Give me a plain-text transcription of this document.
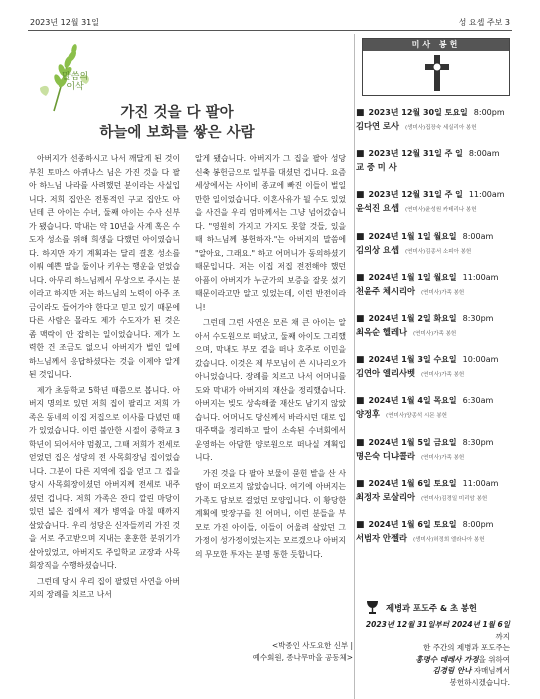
2023년 12월 31일	성 요셉 주보 3
말씀의
이삭
가진 것을 다 팔아
하늘에 보화를 쌓은 사람

아버지가 선종하시고 나서 깨달게 된 것이 부친 토마스 아퀴나스 님은 가진 것을 다 팔아 하느님 나라를 사려했던 분이라는 사실입니다. 저희 집안은 전통적인 구교 집안도 아닌데 큰 아이는 수녀, 둘째 아이는 수사 신부가 됐습니다. 막내는 약 10년을 사계 혹은 수도자 성소를 위해 희생을 다했던 아이였습니다. 하지만 자기 계획과는 달리 결혼 성소를 이뤄 예쁜 딸을 둘이나 키우는 행운을 얻었습니다. 아무리 하느님께서 무상으로 주시는 분이라고 하지만 저는 하느님의 노력이 아주 조금이라도 들어가야 한다고 믿고 있기 때문에 다른 사람은 몰라도 제가 수도자가 된 것은 좀 맥락이 안 잡히는 일이었습니다. 제가 노력한 건 조금도 없으니 아버지가 벌인 일에 하느님께서 응답하셨다는 것을 이제야 알게 된 것입니다.

제가 초등학교 5학년 때쯤으로 봅니다. 아버지 명의로 있던 저희 집이 팔리고 저희 가족은 동네의 이집 저집으로 이사를 다녔던 때가 있었습니다. 이런 불안한 시절이 중학교 3학년이 되어서야 멈췄고, 그때 저희가 전세로 얻었던 집은 성당의 전 사목회장님 집이었습니다. 그분이 다른 지역에 집을 얻고 그 집을 당시 사목회장이셨던 아버지께 전세로 내주셨던 겁니다. 저희 가족은 잔디 깔린 마당이 있던 넓은 집에서 제가 병역을 마칠 때까지 살았습니다. 우리 성당은 신자들끼리 가진 것을 서로 주고받으며 지내는 훈훈한 분위기가 살아있었고, 아버지도 주일학교 교장과 사목회장직을 수행하셨습니다.

그런데 당시 우리 집이 팔렸던 사연을 아버지의 장례를 치르고 나서

알게 됐습니다. 아버지가 그 집을 팔아 성당신축 봉헌금으로 일부를 대셨던 겁니다. 요즘 세상에서는 사이비 종교에 빠진 이들이 벌일만한 일이었습니다. 이혼사유가 될 수도 있었을 사건을 우리 엄마께서는 그냥 넘어갔습니다. "영원히 가지고 가지도 못할 것들, 있을 때 하느님께 봉헌하자."는 아버지의 말씀에 "알아요, 그래요." 하고 어머니가 동의하셨기 때문입니다. 저는 이집 저집 전전해야 했던 아픔이 아버지가 누군가의 보증을 잘못 섰기 때문이라고만 알고 있었는데, 이런 반전이라니!

그런데 그런 사연은 모른 채 큰 아이는 알아서 수도원으로 떠났고, 둘째 아이도 그리했으며, 막내도 부모 곁을 떠나 호주로 이민을 갔습니다. 이것은 제 부모님이 쓴 시나리오가 아니었습니다. 장례를 치르고 나서 어머니를 도와 막내가 아버지의 재산을 정리했습니다. 아버지는 빚도 상속해줄 재산도 남기지 않았습니다. 어머니도 당신께서 바라시던 대로 입대주택을 정리하고 딸이 소속된 수녀회에서 운영하는 아담한 양로원으로 떠나실 계획입니다.

가진 것을 다 팔아 보물이 묻힌 밭을 산 사람이 떠오르지 않았습니다. 여기에 아버지는 가족도 담보로 걸었던 모양입니다. 이 황당한 계획에 맞장구를 친 어머니, 이런 분들을 부모로 가진 아이들, 이들이 어울려 살았던 그 가정이 성가정이었는지는 모르겠으나 아버지의 무모한 투자는 분명 통한 듯합니다.

<박종인 사도요한 신부 |
예수회원, 종나무마을 공동체>
미사 봉헌
■ 2023년 12월 30일 토요일 8:00pm
김다연 로사 (생미사)집장숙 세실리아 봉헌
■ 2023년 12월 31일 주 일 8:00am
교 중 미 사
■ 2023년 12월 31일 주 일 11:00am
윤석진 요셉 (연미사)윤성원 카테리나 봉헌
■ 2024년 1월 1일 월요일 8:00am
김의상 요셉 (연미사)김종서 소피아 봉헌
■ 2024년 1월 1일 월요일 11:00am
천윤주 체시리아 (연미사)가족 봉헌
■ 2024년 1월 2일 화요일 8:30pm
최옥순 헬레나 (연미사)가족 봉헌
■ 2024년 1월 3일 수요일 10:00am
김연아 엘리사벳 (연미사)가족 봉헌
■ 2024년 1월 4일 목요일 6:30am
양정후 (연미사)양종석 시몬 봉헌
■ 2024년 1월 5일 금요일 8:30pm
명은숙 디냐콜라 (연미사)가족 봉헌
■ 2024년 1월 6일 토요일 11:00am
최정자 로살리아 (연미사)김경일 미리암 봉헌
■ 2024년 1월 6일 토요일 8:00pm
서범자 안젤라 (생미사)허정희 엘라나아 봉헌
제병과 포도주 & 초 봉헌
2023년 12월 31일부터 2024년 1월 6일까지
한 주간의 제병과 포도주는
홍명수 데레사 가정을 위하여
김경림 안나 자매님께서
봉헌하시겠습니다.
